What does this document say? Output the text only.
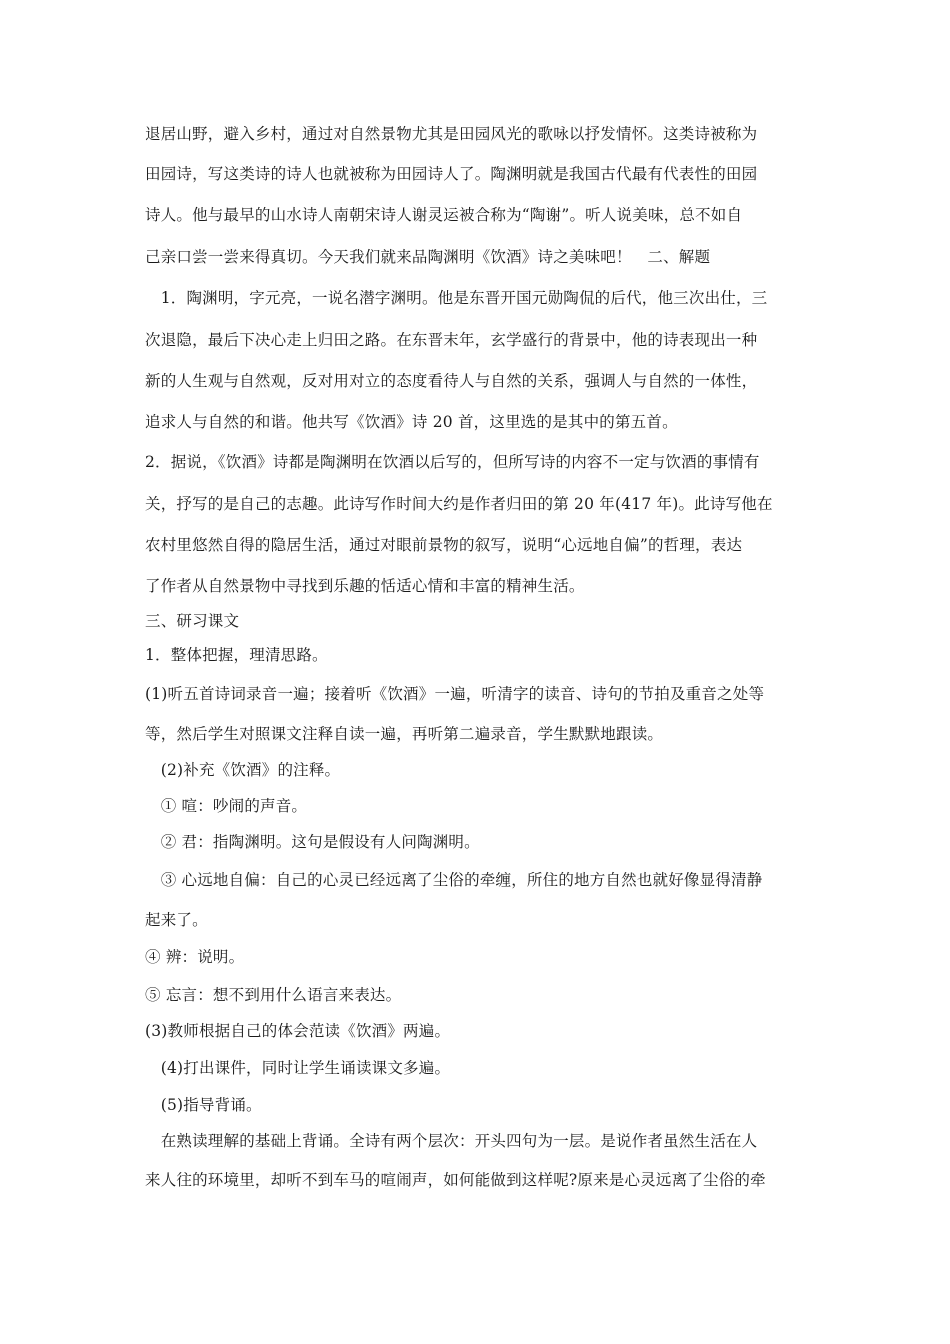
退居山野，避入乡村，通过对自然景物尤其是田园风光的歌咏以抒发情怀。这类诗被称为
田园诗，写这类诗的诗人也就被称为田园诗人了。陶渊明就是我国古代最有代表性的田园
诗人。他与最早的山水诗人南朝宋诗人谢灵运被合称为“陶谢”。听人说美味，总不如自
己亲口尝一尝来得真切。今天我们就来品陶渊明《饮酒》诗之美味吧！　二、解题
　1．陶渊明，字元亮，一说名潜字渊明。他是东晋开国元勋陶侃的后代，他三次出仕，三
次退隐，最后下决心走上归田之路。在东晋末年，玄学盛行的背景中，他的诗表现出一种
新的人生观与自然观，反对用对立的态度看待人与自然的关系，强调人与自然的一体性，
追求人与自然的和谐。他共写《饮酒》诗 20 首，这里选的是其中的第五首。
2．据说，《饮酒》诗都是陶渊明在饮酒以后写的，但所写诗的内容不一定与饮酒的事情有
关，抒写的是自己的志趣。此诗写作时间大约是作者归田的第 20 年(417 年)。此诗写他在
农村里悠然自得的隐居生活，通过对眼前景物的叙写，说明“心远地自偏”的哲理，表达
了作者从自然景物中寻找到乐趣的恬适心情和丰富的精神生活。
三、研习课文
1．整体把握，理清思路。
(1)听五首诗词录音一遍；接着听《饮酒》一遍，听清字的读音、诗句的节拍及重音之处等
等，然后学生对照课文注释自读一遍，再听第二遍录音，学生默默地跟读。
　(2)补充《饮酒》的注释。
　① 喧：吵闹的声音。
　② 君：指陶渊明。这句是假设有人问陶渊明。
　③ 心远地自偏：自己的心灵已经远离了尘俗的牵缠，所住的地方自然也就好像显得清静
起来了。
④ 辨：说明。
⑤ 忘言：想不到用什么语言来表达。
(3)教师根据自己的体会范读《饮酒》两遍。
　(4)打出课件，同时让学生诵读课文多遍。
　(5)指导背诵。
　在熟读理解的基础上背诵。全诗有两个层次：开头四句为一层。是说作者虽然生活在人
来人往的环境里，却听不到车马的喧闹声，如何能做到这样呢?原来是心灵远离了尘俗的牵
